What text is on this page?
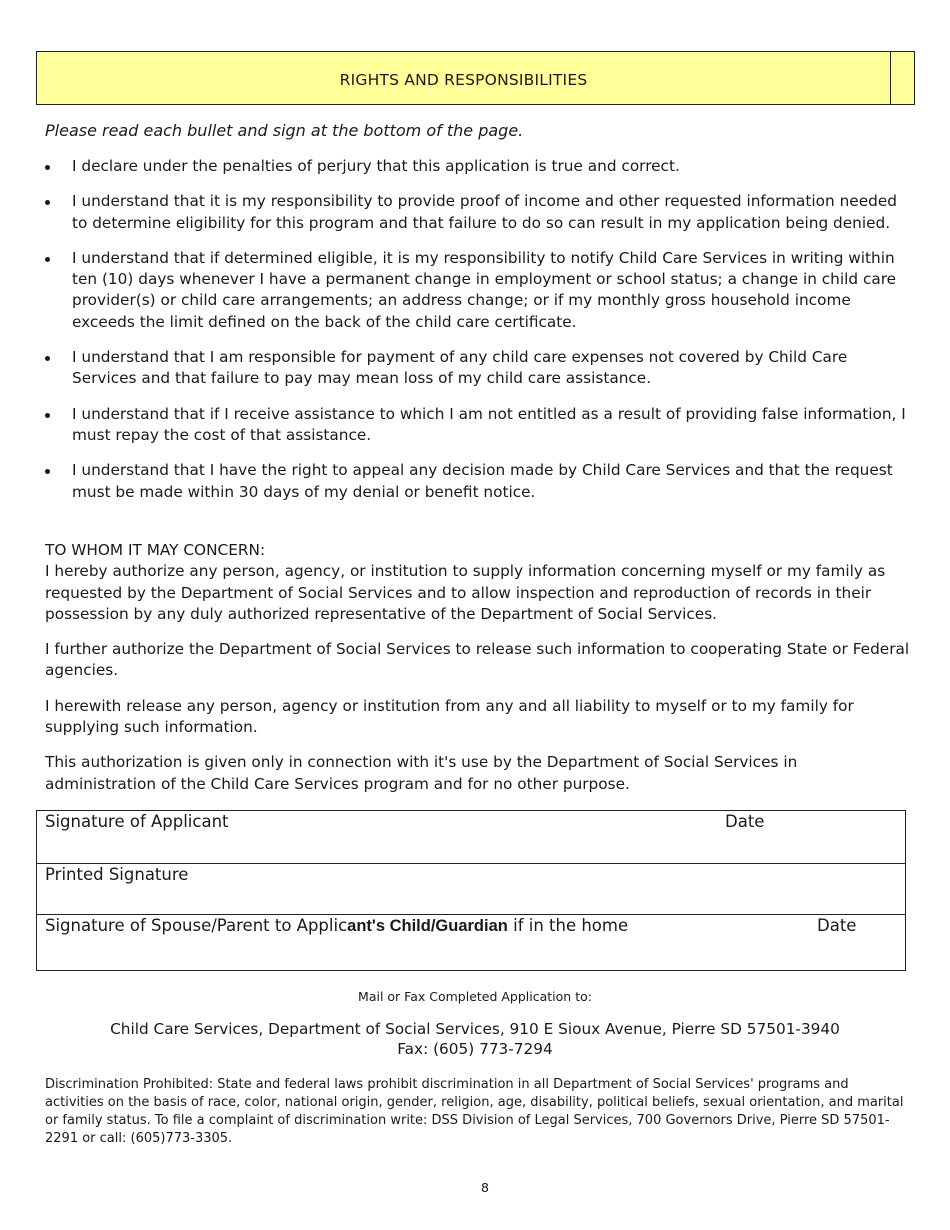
RIGHTS AND RESPONSIBILITIES
Please read each bullet and sign at the bottom of the page.
I declare under the penalties of perjury that this application is true and correct.
I understand that it is my responsibility to provide proof of income and other requested information needed to determine eligibility for this program and that failure to do so can result in my application being denied.
I understand that if determined eligible, it is my responsibility to notify Child Care Services in writing within ten (10) days whenever I have a permanent change in employment or school status; a change in child care provider(s) or child care arrangements; an address change; or if my monthly gross household income exceeds the limit defined on the back of the child care certificate.
I understand that I am responsible for payment of any child care expenses not covered by Child Care Services and that failure to pay may mean loss of my child care assistance.
I understand that if I receive assistance to which I am not entitled as a result of providing false information, I must repay the cost of that assistance.
I understand that I have the right to appeal any decision made by Child Care Services and that the request must be made within 30 days of my denial or benefit notice.
TO WHOM IT MAY CONCERN:

I hereby authorize any person, agency, or institution to supply information concerning myself or my family as requested by the Department of Social Services and to allow inspection and reproduction of records in their possession by any duly authorized representative of the Department of Social Services.

I further authorize the Department of Social Services to release such information to cooperating State or Federal agencies.

I herewith release any person, agency or institution from any and all liability to myself or to my family for supplying such information.

This authorization is given only in connection with it's use by the Department of Social Services in administration of the Child Care Services program and for no other purpose.

Signature of Applicant	Date
Printed Signature
Signature of Spouse/Parent to Applicant's Child/Guardian if in the home	Date
Mail or Fax Completed Application to:
Child Care Services, Department of Social Services, 910 E Sioux Avenue, Pierre SD 57501-3940
Fax: (605) 773-7294
Discrimination Prohibited: State and federal laws prohibit discrimination in all Department of Social Services' programs and activities on the basis of race, color, national origin, gender, religion, age, disability, political beliefs, sexual orientation, and marital or family status. To file a complaint of discrimination write: DSS Division of Legal Services, 700 Governors Drive, Pierre SD 57501-2291 or call: (605)773-3305.
8
